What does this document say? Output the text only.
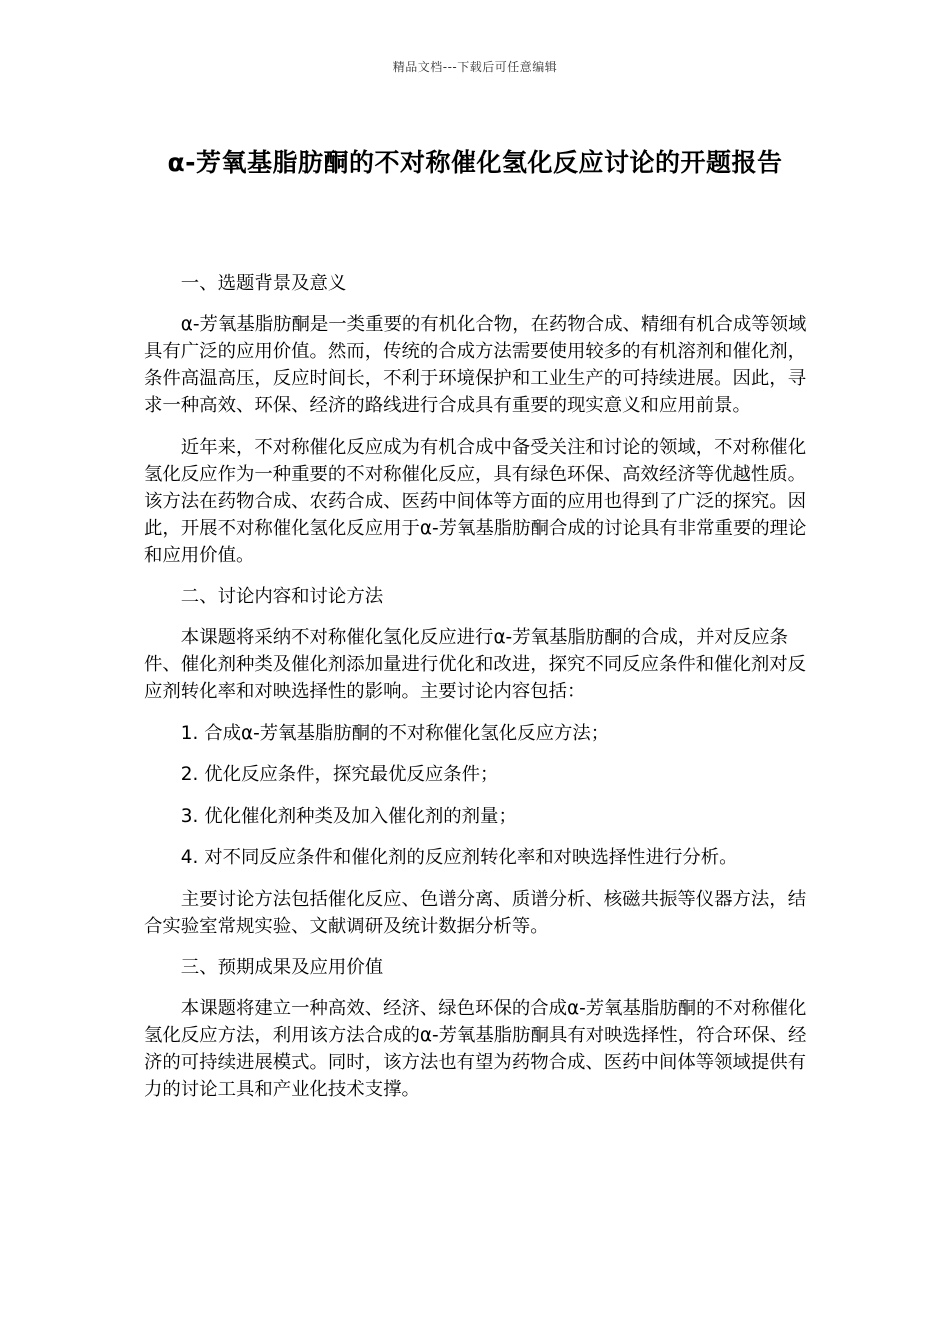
精品文档---下载后可任意编辑
α-芳氧基脂肪酮的不对称催化氢化反应讨论的开题报告

一、选题背景及意义

α-芳氧基脂肪酮是一类重要的有机化合物，在药物合成、精细有机合成等领域具有广泛的应用价值。然而，传统的合成方法需要使用较多的有机溶剂和催化剂，条件高温高压，反应时间长，不利于环境保护和工业生产的可持续进展。因此，寻求一种高效、环保、经济的路线进行合成具有重要的现实意义和应用前景。

近年来，不对称催化反应成为有机合成中备受关注和讨论的领域，不对称催化氢化反应作为一种重要的不对称催化反应，具有绿色环保、高效经济等优越性质。该方法在药物合成、农药合成、医药中间体等方面的应用也得到了广泛的探究。因此，开展不对称催化氢化反应用于α-芳氧基脂肪酮合成的讨论具有非常重要的理论和应用价值。

二、讨论内容和讨论方法

本课题将采纳不对称催化氢化反应进行α-芳氧基脂肪酮的合成，并对反应条件、催化剂种类及催化剂添加量进行优化和改进，探究不同反应条件和催化剂对反应剂转化率和对映选择性的影响。主要讨论内容包括：

1. 合成α-芳氧基脂肪酮的不对称催化氢化反应方法；

2. 优化反应条件，探究最优反应条件；

3. 优化催化剂种类及加入催化剂的剂量；

4. 对不同反应条件和催化剂的反应剂转化率和对映选择性进行分析。

主要讨论方法包括催化反应、色谱分离、质谱分析、核磁共振等仪器方法，结合实验室常规实验、文献调研及统计数据分析等。

三、预期成果及应用价值

本课题将建立一种高效、经济、绿色环保的合成α-芳氧基脂肪酮的不对称催化氢化反应方法，利用该方法合成的α-芳氧基脂肪酮具有对映选择性，符合环保、经济的可持续进展模式。同时，该方法也有望为药物合成、医药中间体等领域提供有力的讨论工具和产业化技术支撑。
